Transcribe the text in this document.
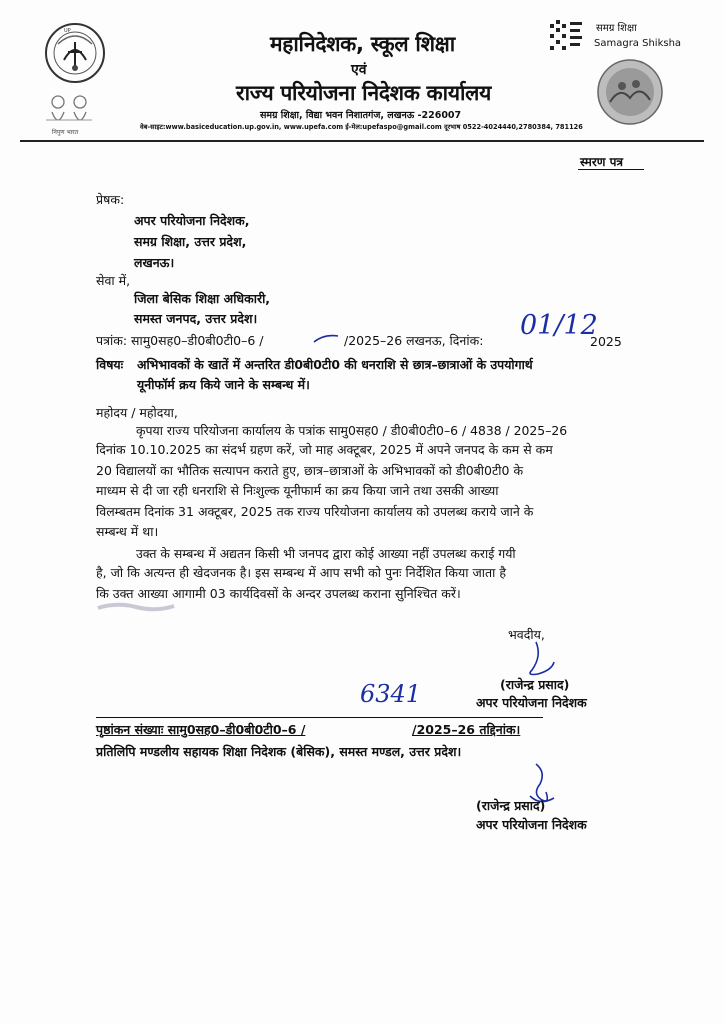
UP
निपुण भारत
महानिदेशक, स्कूल शिक्षा
एवं
राज्य परियोजना निदेशक कार्यालय
समग्र शिक्षा, विद्या भवन निशातगंज, लखनऊ -226007
वेब-साइट:www.basiceducation.up.gov.in, www.upefa.com ई-मेल:upefaspo@gmail.com दूरभाष 0522-4024440,2780384, 781126
समग्र शिक्षा
Samagra Shiksha
स्मरण पत्र
प्रेषक:
अपर परियोजना निदेशक,
समग्र शिक्षा, उत्तर प्रदेश,
लखनऊ।
सेवा में,
जिला बेसिक शिक्षा अधिकारी,
समस्त जनपद, उत्तर प्रदेश।
पत्रांक: सामु0सह0–डी0बी0टी0–6 /	/2025–26 लखनऊ, दिनांक: 01/12
2025
विषयः अभिभावकों के खातें में अन्तरित डी0बी0टी0 की धनराशि से छात्र–छात्राओं के उपयोगार्थ
यूनीफॉर्म क्रय किये जाने के सम्बन्ध में।
महोदय / महोदया,
कृपया राज्य परियोजना कार्यालय के पत्रांक सामु0सह0 / डी0बी0टी0–6 / 4838 / 2025–26
दिनांक 10.10.2025 का संदर्भ ग्रहण करें, जो माह अक्टूबर, 2025 में अपने जनपद के कम से कम
20 विद्यालयों का भौतिक सत्यापन कराते हुए, छात्र–छात्राओं के अभिभावकों को डी0बी0टी0 के
माध्यम से दी जा रही धनराशि से निःशुल्क यूनीफार्म का क्रय किया जाने तथा उसकी आख्या
विलम्बतम दिनांक 31 अक्टूबर, 2025 तक राज्य परियोजना कार्यालय को उपलब्ध कराये जाने के
सम्बन्ध में था।
उक्त के सम्बन्ध में अद्यतन किसी भी जनपद द्वारा कोई आख्या नहीं उपलब्ध कराई गयी
है, जो कि अत्यन्त ही खेदजनक है। इस सम्बन्ध में आप सभी को पुनः निर्देशित किया जाता है
कि उक्त आख्या आगामी 03 कार्यदिवसों के अन्दर उपलब्ध कराना सुनिश्चित करें।
भवदीय,
(राजेन्द्र प्रसाद)
अपर परियोजना निदेशक
6341
पृष्ठांकन संख्याः सामु0सह0–डी0बी0टी0–6 /	/2025–26 तद्दिनांक।
प्रतिलिपि मण्डलीय सहायक शिक्षा निदेशक (बेसिक), समस्त मण्डल, उत्तर प्रदेश।
(राजेन्द्र प्रसाद)
अपर परियोजना निदेशक
